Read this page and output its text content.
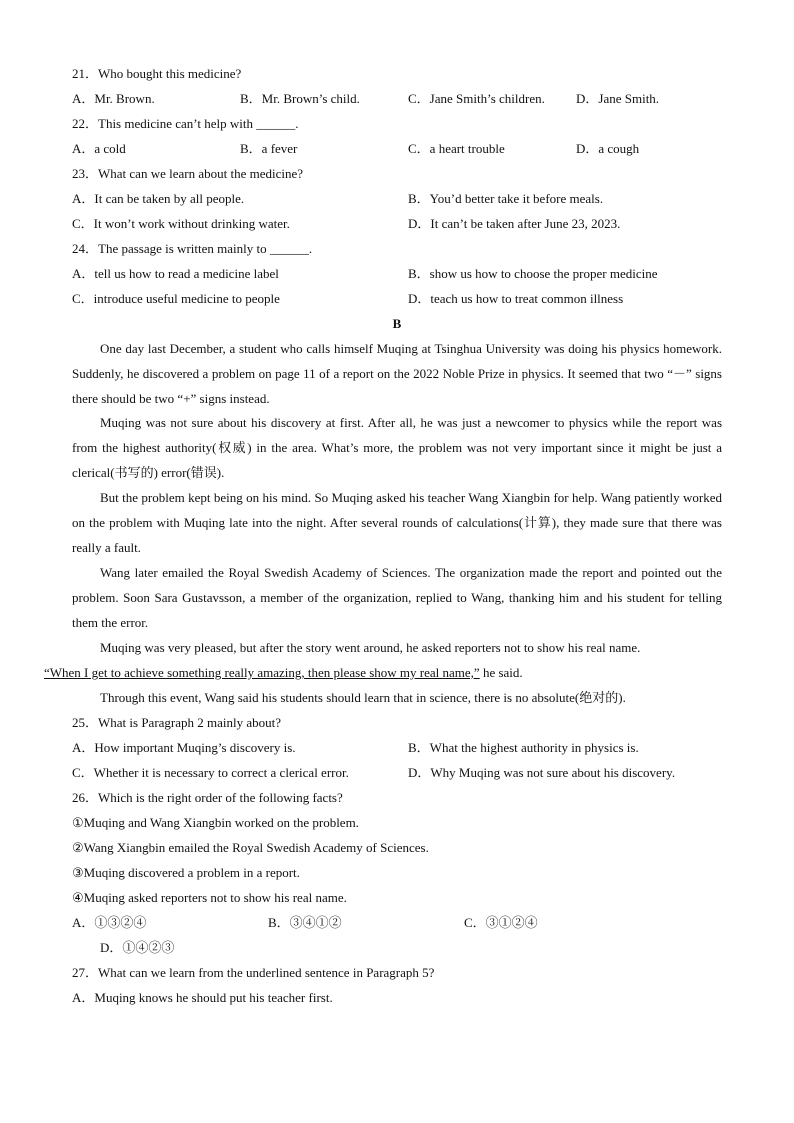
21．Who bought this medicine?
A．Mr. Brown.	B．Mr. Brown’s child.	C．Jane Smith’s children. D．Jane Smith.
22．This medicine can’t help with ______.
A．a cold	B．a fever	C．a heart trouble	D．a cough
23．What can we learn about the medicine?
A．It can be taken by all people.	B．You’d better take it before meals.
C．It won’t work without drinking water.	D．It can’t be taken after June 23, 2023.
24．The passage is written mainly to ______.
A．tell us how to read a medicine label	B．show us how to choose the proper medicine
C．introduce useful medicine to people	D．teach us how to treat common illness
B
One day last December, a student who calls himself Muqing at Tsinghua University was doing his physics homework. Suddenly, he discovered a problem on page 11 of a report on the 2022 Noble Prize in physics. It seemed that two “－” signs there should be two “+” signs instead.
Muqing was not sure about his discovery at first. After all, he was just a newcomer to physics while the report was from the highest authority(权威) in the area. What’s more, the problem was not very important since it might be just a clerical(书写的) error(错误).
But the problem kept being on his mind. So Muqing asked his teacher Wang Xiangbin for help. Wang patiently worked on the problem with Muqing late into the night. After several rounds of calculations(计算), they made sure that there was really a fault.
Wang later emailed the Royal Swedish Academy of Sciences. The organization made the report and pointed out the problem. Soon Sara Gustavsson, a member of the organization, replied to Wang, thanking him and his student for telling them the error.
Muqing was very pleased, but after the story went around, he asked reporters not to show his real name.
“When I get to achieve something really amazing, then please show my real name,” he said.
Through this event, Wang said his students should learn that in science, there is no absolute(绝对的).
25．What is Paragraph 2 mainly about?
A．How important Muqing’s discovery is.	B．What the highest authority in physics is.
C．Whether it is necessary to correct a clerical error.	D．Why Muqing was not sure about his discovery.
26．Which is the right order of the following facts?
①Muqing and Wang Xiangbin worked on the problem.
②Wang Xiangbin emailed the Royal Swedish Academy of Sciences.
③Muqing discovered a problem in a report.
④Muqing asked reporters not to show his real name.
A．①③②④	B．③④①②	C．③①②④
D．①④②③
27．What can we learn from the underlined sentence in Paragraph 5?
A．Muqing knows he should put his teacher first.
